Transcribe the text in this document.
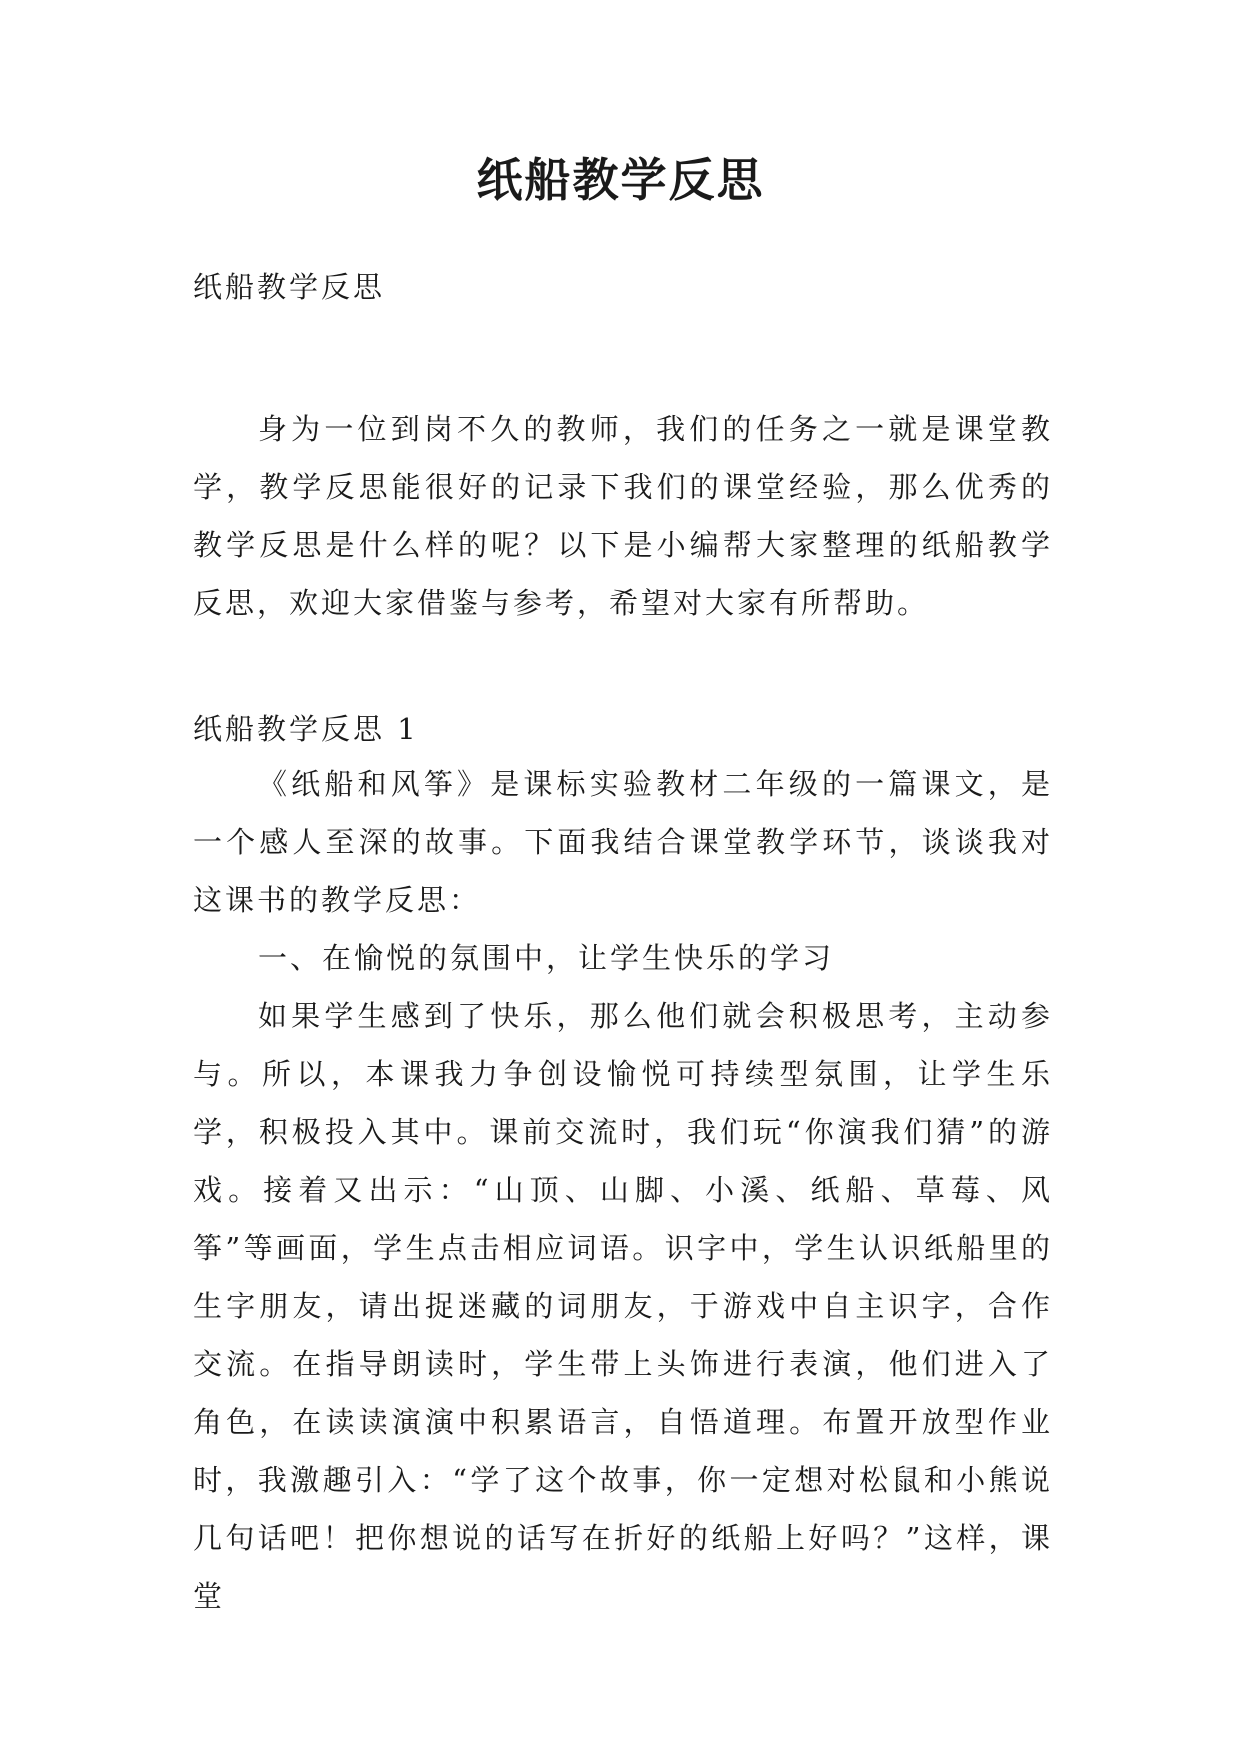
纸船教学反思

纸船教学反思

身为一位到岗不久的教师，我们的任务之一就是课堂教学，教学反思能很好的记录下我们的课堂经验，那么优秀的教学反思是什么样的呢？以下是小编帮大家整理的纸船教学反思，欢迎大家借鉴与参考，希望对大家有所帮助。

纸船教学反思 1

《纸船和风筝》是课标实验教材二年级的一篇课文，是一个感人至深的故事。下面我结合课堂教学环节，谈谈我对这课书的教学反思：

一、在愉悦的氛围中，让学生快乐的学习

如果学生感到了快乐，那么他们就会积极思考，主动参与。所以，本课我力争创设愉悦可持续型氛围，让学生乐学，积极投入其中。课前交流时，我们玩“你演我们猜”的游戏。接着又出示：“山顶、山脚、小溪、纸船、草莓、风筝”等画面，学生点击相应词语。识字中，学生认识纸船里的生字朋友，请出捉迷藏的词朋友，于游戏中自主识字，合作交流。在指导朗读时，学生带上头饰进行表演，他们进入了角色，在读读演演中积累语言，自悟道理。布置开放型作业时，我激趣引入：“学了这个故事，你一定想对松鼠和小熊说几句话吧！把你想说的话写在折好的纸船上好吗？”这样，课堂
